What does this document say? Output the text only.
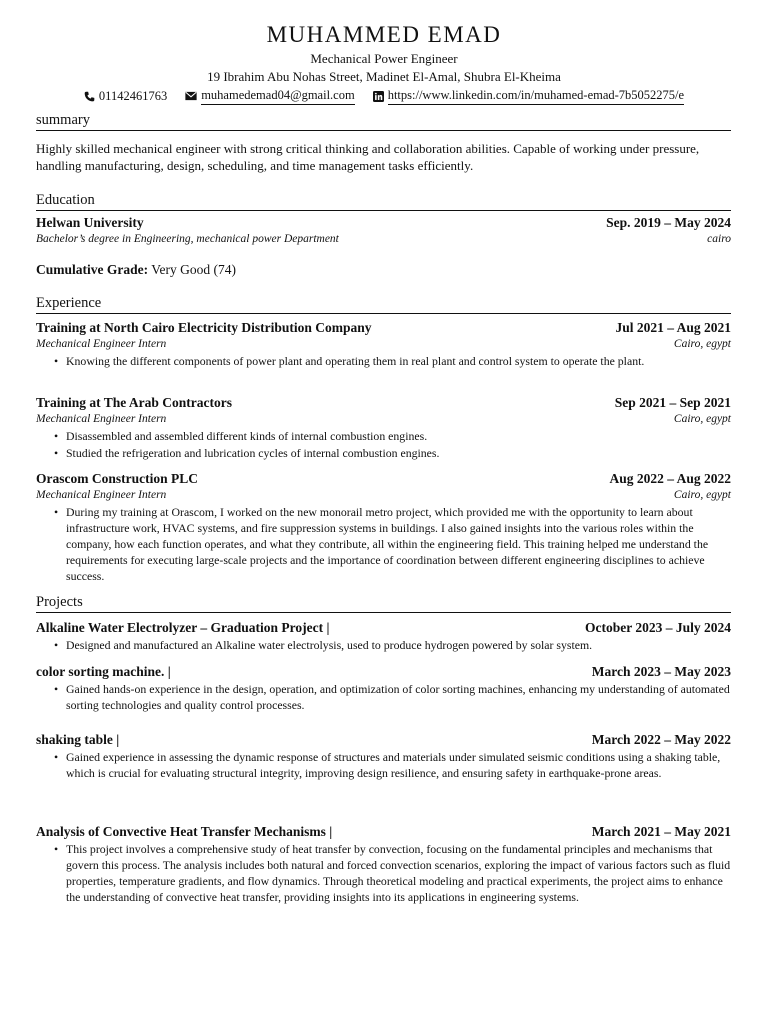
MUHAMMED EMAD
Mechanical Power Engineer
19 Ibrahim Abu Nohas Street, Madinet El-Amal, Shubra El-Kheima
01142461763	muhamedemad04@gmail.com	https://www.linkedin.com/in/muhamed-emad-7b5052275/e
summary
Highly skilled mechanical engineer with strong critical thinking and collaboration abilities. Capable of working under pressure, handling manufacturing, design, scheduling, and time management tasks efficiently.
Education
Helwan University	Sep. 2019 – May 2024
Bachelor’s degree in Engineering, mechanical power Department	cairo
Cumulative Grade: Very Good (74)
Experience
Training at North Cairo Electricity Distribution Company	Jul 2021 – Aug 2021
Mechanical Engineer Intern	Cairo, egypt
• Knowing the different components of power plant and operating them in real plant and control system to operate the plant.
Training at The Arab Contractors	Sep 2021 – Sep 2021
Mechanical Engineer Intern	Cairo, egypt
• Disassembled and assembled different kinds of internal combustion engines.
• Studied the refrigeration and lubrication cycles of internal combustion engines.
Orascom Construction PLC	Aug 2022 – Aug 2022
Mechanical Engineer Intern	Cairo, egypt
• During my training at Orascom, I worked on the new monorail metro project, which provided me with the opportunity to learn about infrastructure work, HVAC systems, and fire suppression systems in buildings. I also gained insights into the various roles within the company, how each function operates, and what they contribute, all within the engineering field. This training helped me understand the requirements for executing large-scale projects and the importance of coordination between different engineering disciplines to achieve success.
Projects
Alkaline Water Electrolyzer – Graduation Project |	October 2023 – July 2024
• Designed and manufactured an Alkaline water electrolysis, used to produce hydrogen powered by solar system.
color sorting machine. |	March 2023 – May 2023
• Gained hands-on experience in the design, operation, and optimization of color sorting machines, enhancing my understanding of automated sorting technologies and quality control processes.
shaking table |	March 2022 – May 2022
• Gained experience in assessing the dynamic response of structures and materials under simulated seismic conditions using a shaking table, which is crucial for evaluating structural integrity, improving design resilience, and ensuring safety in earthquake-prone areas.
Analysis of Convective Heat Transfer Mechanisms |	March 2021 – May 2021
• This project involves a comprehensive study of heat transfer by convection, focusing on the fundamental principles and mechanisms that govern this process. The analysis includes both natural and forced convection scenarios, exploring the impact of various factors such as fluid properties, temperature gradients, and flow dynamics. Through theoretical modeling and practical experiments, the project aims to enhance the understanding of convective heat transfer, providing insights into its applications in engineering systems.
